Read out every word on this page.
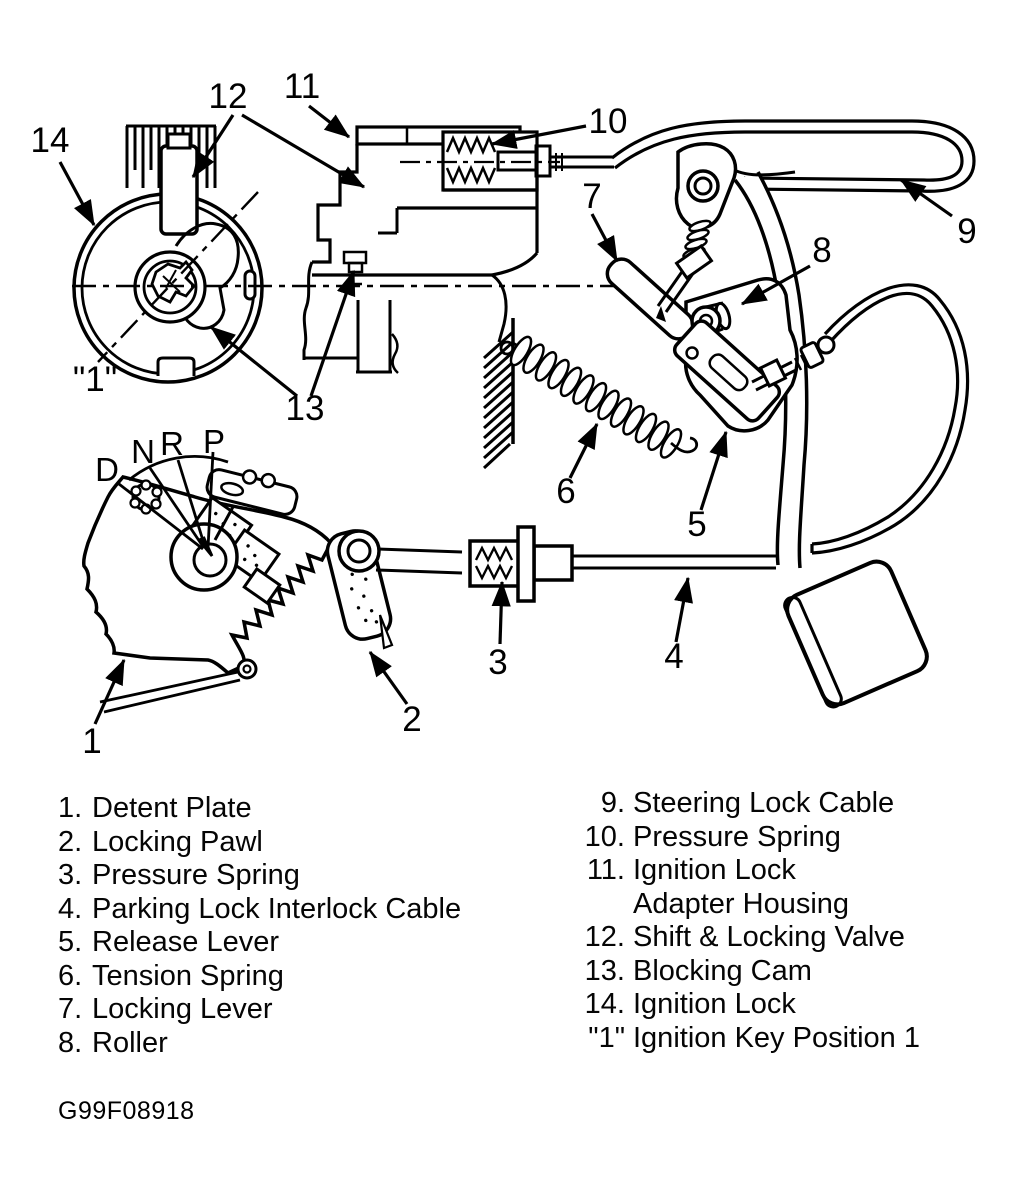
14
12 11
10
9
8
7
13
"1"
6
5
3	4
2
1
D N R P
1. Detent Plate
2. Locking Pawl
3. Pressure Spring
4. Parking Lock Interlock Cable
5. Release Lever
6. Tension Spring
7. Locking Lever
8. Roller
9. Steering Lock Cable
10. Pressure Spring
11. Ignition Lock
Adapter Housing
12. Shift & Locking Valve
13. Blocking Cam
14. Ignition Lock
"1" Ignition Key Position 1
G99F08918
